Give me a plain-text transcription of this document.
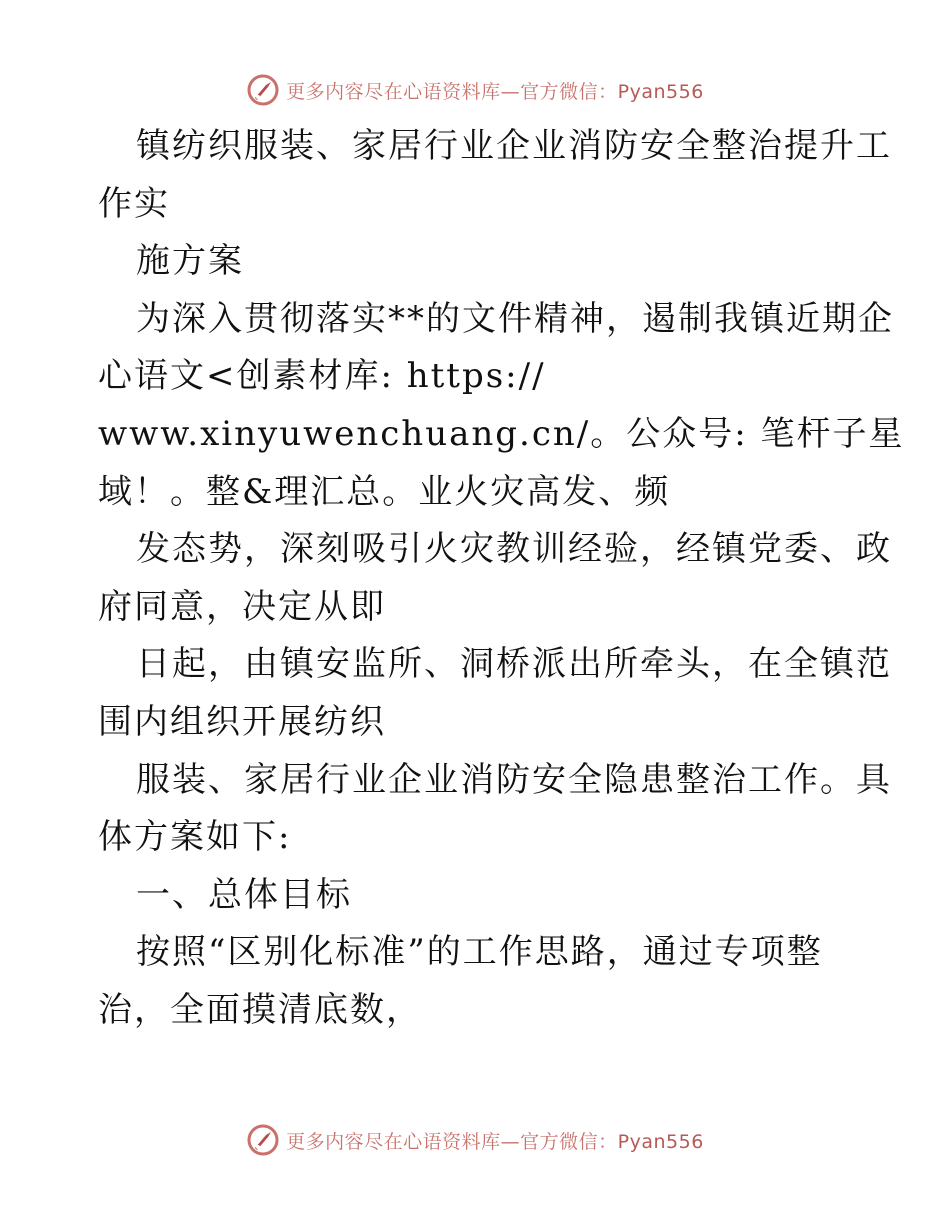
更多内容尽在心语资料库—官方微信：Pyan556

镇纺织服装、家居行业企业消防安全整治提升工

作实

施方案

为深入贯彻落实**的文件精神，遏制我镇近期企

心语文<创素材库: https://

www.xinyuwenchuang.cn/。公众号: 笔杆子星

域！。整&理汇总。业火灾高发、频

发态势，深刻吸引火灾教训经验，经镇党委、政

府同意，决定从即

日起，由镇安监所、洞桥派出所牵头，在全镇范

围内组织开展纺织

服装、家居行业企业消防安全隐患整治工作。具

体方案如下:

一、总体目标

按照“区别化标准”的工作思路，通过专项整

治，全面摸清底数，

更多内容尽在心语资料库—官方微信：Pyan556
